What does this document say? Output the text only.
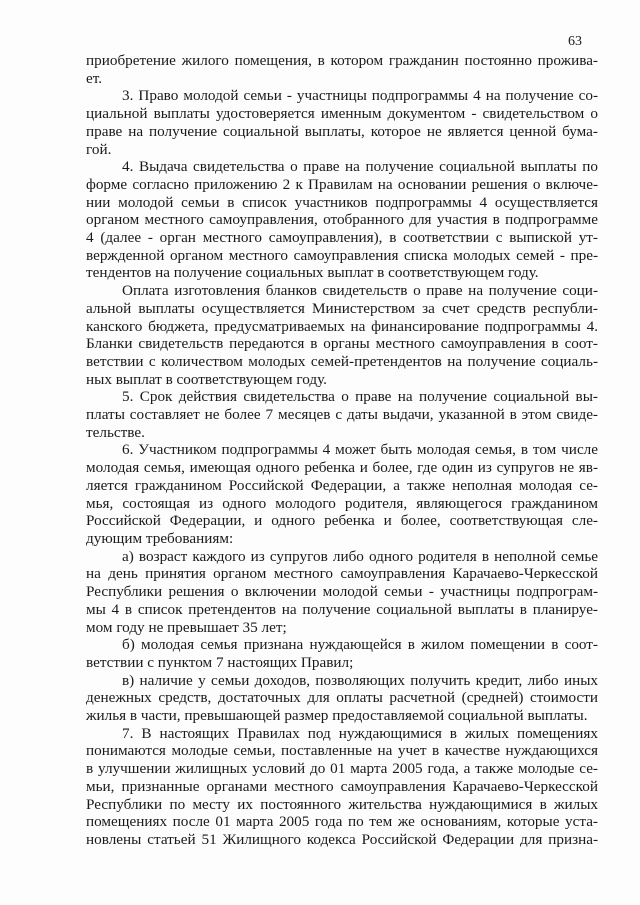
63

приобретение жилого помещения, в котором гражданин постоянно прожива-

ет.

3. Право молодой семьи - участницы подпрограммы 4 на получение со-

циальной выплаты удостоверяется именным документом - свидетельством о

праве на получение социальной выплаты, которое не является ценной бума-

гой.

4. Выдача свидетельства о праве на получение социальной выплаты по

форме согласно приложению 2 к Правилам на основании решения о включе-

нии молодой семьи в список участников подпрограммы 4 осуществляется

органом местного самоуправления, отобранного для участия в подпрограмме

4 (далее - орган местного самоуправления), в соответствии с выпиской ут-

вержденной органом местного самоуправления списка молодых семей - пре-

тендентов на получение социальных выплат в соответствующем году.

Оплата изготовления бланков свидетельств о праве на получение соци-

альной выплаты осуществляется Министерством за счет средств республи-

канского бюджета, предусматриваемых на финансирование подпрограммы 4.

Бланки свидетельств передаются в органы местного самоуправления в соот-

ветствии с количеством молодых семей-претендентов на получение социаль-

ных выплат в соответствующем году.

5. Срок действия свидетельства о праве на получение социальной вы-

платы составляет не более 7 месяцев с даты выдачи, указанной в этом свиде-

тельстве.

6. Участником подпрограммы 4 может быть молодая семья, в том числе

молодая семья, имеющая одного ребенка и более, где один из супругов не яв-

ляется гражданином Российской Федерации, а также неполная молодая се-

мья, состоящая из одного молодого родителя, являющегося гражданином

Российской Федерации, и одного ребенка и более, соответствующая сле-

дующим требованиям:

а) возраст каждого из супругов либо одного родителя в неполной семье

на день принятия органом местного самоуправления Карачаево-Черкесской

Республики решения о включении молодой семьи - участницы подпрограм-

мы 4 в список претендентов на получение социальной выплаты в планируе-

мом году не превышает 35 лет;

б) молодая семья признана нуждающейся в жилом помещении в соот-

ветствии с пунктом 7 настоящих Правил;

в) наличие у семьи доходов, позволяющих получить кредит, либо иных

денежных средств, достаточных для оплаты расчетной (средней) стоимости

жилья в части, превышающей размер предоставляемой социальной выплаты.

7. В настоящих Правилах под нуждающимися в жилых помещениях

понимаются молодые семьи, поставленные на учет в качестве нуждающихся

в улучшении жилищных условий до 01 марта 2005 года, а также молодые се-

мьи, признанные органами местного самоуправления Карачаево-Черкесской

Республики по месту их постоянного жительства нуждающимися в жилых

помещениях после 01 марта 2005 года по тем же основаниям, которые уста-

новлены статьей 51 Жилищного кодекса Российской Федерации для призна-
